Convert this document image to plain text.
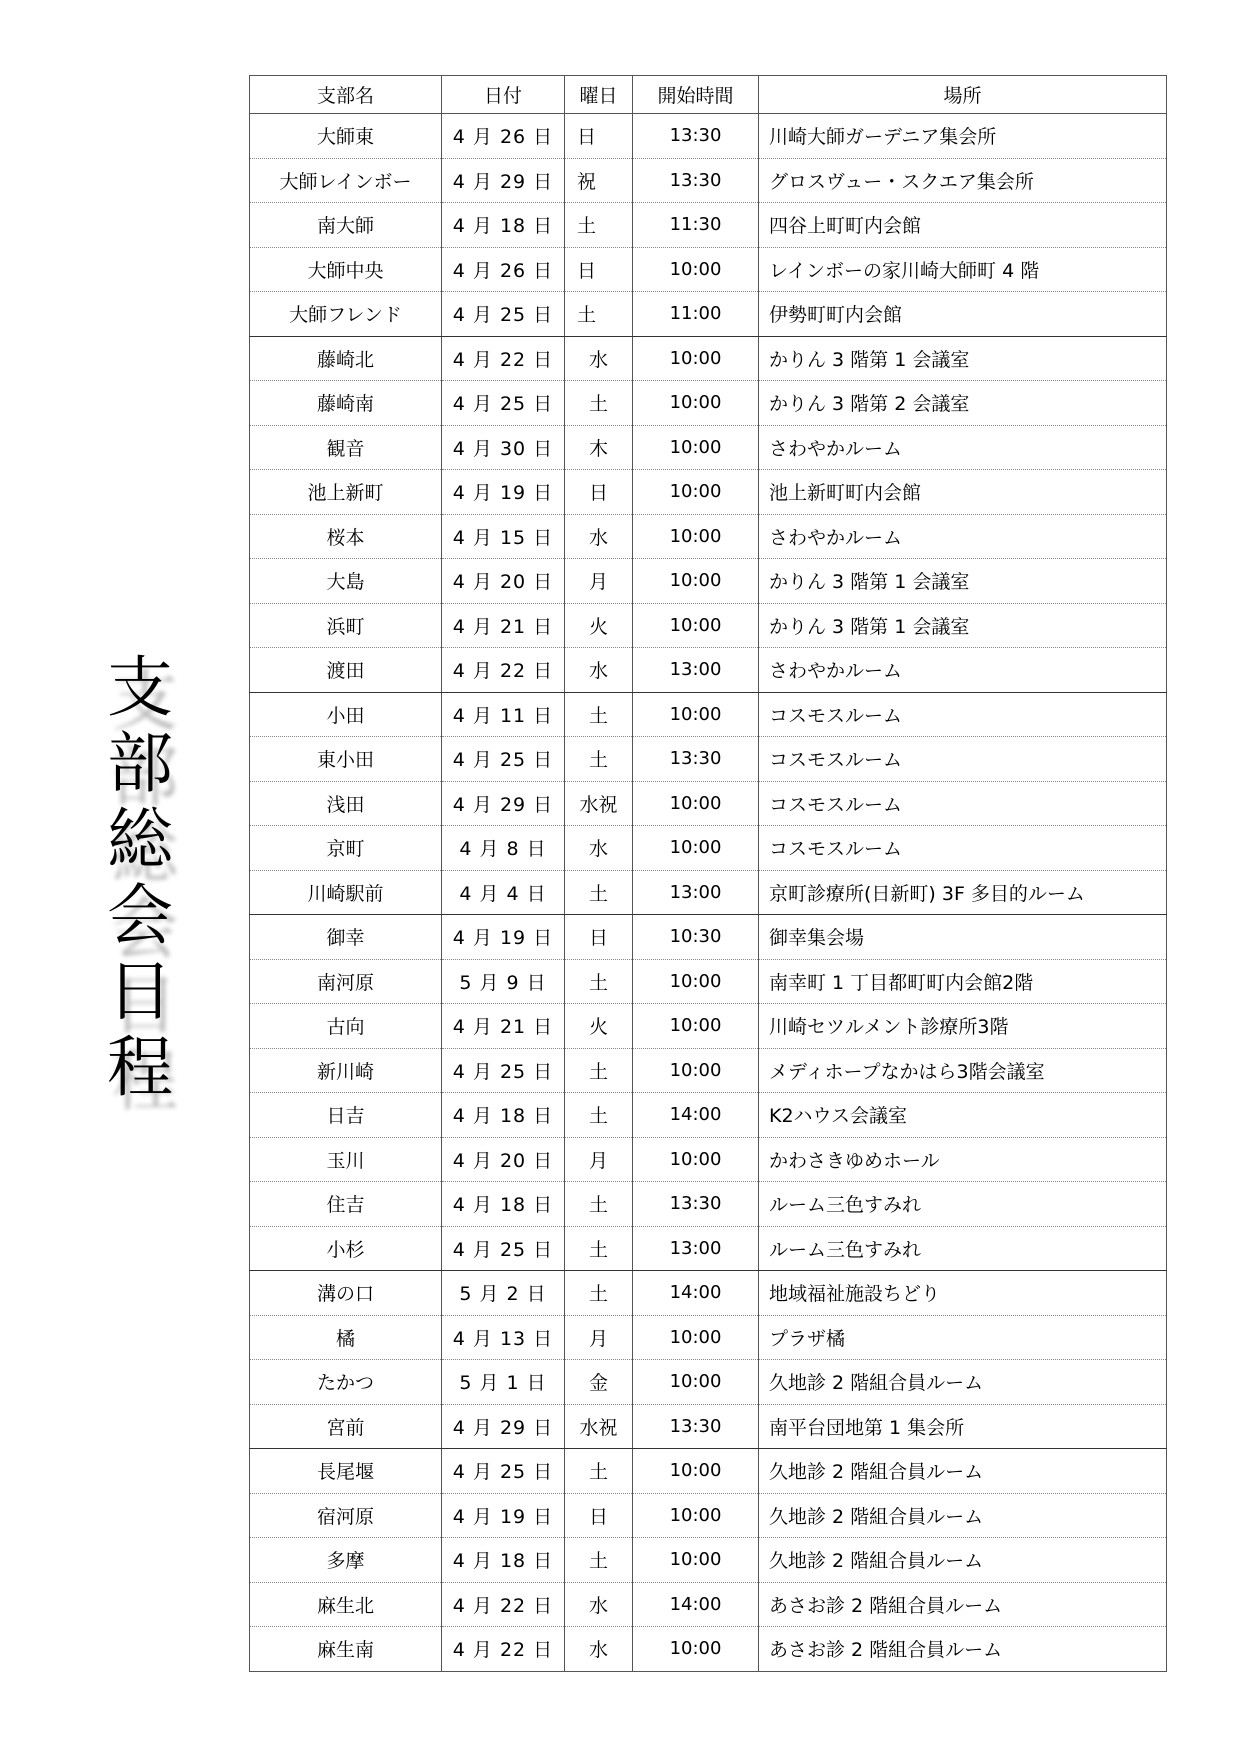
支
部
総
会
日
程
支部名	日付	曜日	開始時間	場所
大師東	4 月 26 日	日	13:30	川崎大師ガーデニア集会所
大師レインボー	4 月 29 日	祝	13:30	グロスヴュー・スクエア集会所
南大師	4 月 18 日	土	11:30	四谷上町町内会館
大師中央	4 月 26 日	日	10:00	レインボーの家川崎大師町 4 階
大師フレンド	4 月 25 日	土	11:00	伊勢町町内会館
藤崎北	4 月 22 日	水	10:00	かりん 3 階第 1 会議室
藤崎南	4 月 25 日	土	10:00	かりん 3 階第 2 会議室
観音	4 月 30 日	木	10:00	さわやかルーム
池上新町	4 月 19 日	日	10:00	池上新町町内会館
桜本	4 月 15 日	水	10:00	さわやかルーム
大島	4 月 20 日	月	10:00	かりん 3 階第 1 会議室
浜町	4 月 21 日	火	10:00	かりん 3 階第 1 会議室
渡田	4 月 22 日	水	13:00	さわやかルーム
小田	4 月 11 日	土	10:00	コスモスルーム
東小田	4 月 25 日	土	13:30	コスモスルーム
浅田	4 月 29 日	水祝	10:00	コスモスルーム
京町	4 月 8 日	水	10:00	コスモスルーム
川崎駅前	4 月 4 日	土	13:00	京町診療所(日新町) 3F 多目的ルーム
御幸	4 月 19 日	日	10:30	御幸集会場
南河原	5 月 9 日	土	10:00	南幸町 1 丁目都町町内会館2階
古向	4 月 21 日	火	10:00	川崎セツルメント診療所3階
新川崎	4 月 25 日	土	10:00	メディホープなかはら3階会議室
日吉	4 月 18 日	土	14:00	K2ハウス会議室
玉川	4 月 20 日	月	10:00	かわさきゆめホール
住吉	4 月 18 日	土	13:30	ルーム三色すみれ
小杉	4 月 25 日	土	13:00	ルーム三色すみれ
溝の口	5 月 2 日	土	14:00	地域福祉施設ちどり
橘	4 月 13 日	月	10:00	プラザ橘
たかつ	5 月 1 日	金	10:00	久地診 2 階組合員ルーム
宮前	4 月 29 日	水祝	13:30	南平台団地第 1 集会所
長尾堰	4 月 25 日	土	10:00	久地診 2 階組合員ルーム
宿河原	4 月 19 日	日	10:00	久地診 2 階組合員ルーム
多摩	4 月 18 日	土	10:00	久地診 2 階組合員ルーム
麻生北	4 月 22 日	水	14:00	あさお診 2 階組合員ルーム
麻生南	4 月 22 日	水	10:00	あさお診 2 階組合員ルーム
